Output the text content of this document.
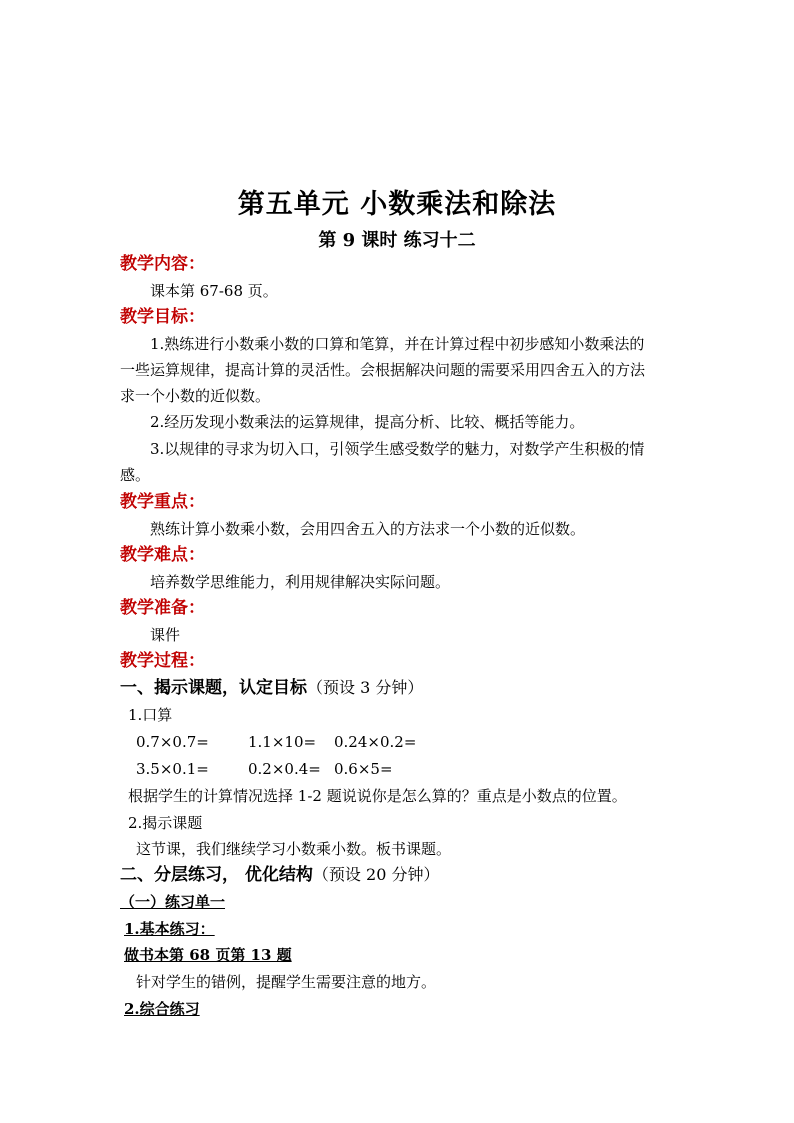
第五单元 小数乘法和除法
第 9 课时 练习十二
教学内容：
课本第 67-68 页。
教学目标：
1.熟练进行小数乘小数的口算和笔算，并在计算过程中初步感知小数乘法的
一些运算规律，提高计算的灵活性。会根据解决问题的需要采用四舍五入的方法
求一个小数的近似数。
2.经历发现小数乘法的运算规律，提高分析、比较、概括等能力。
3.以规律的寻求为切入口，引领学生感受数学的魅力，对数学产生积极的情
感。
教学重点：
熟练计算小数乘小数，会用四舍五入的方法求一个小数的近似数。
教学难点：
培养数学思维能力，利用规律解决实际问题。
教学准备：
课件
教学过程：
一、揭示课题，认定目标（预设 3 分钟）
1.口算
0.7×0.7=	1.1×10= 0.24×0.2=
3.5×0.1=	0.2×0.4= 0.6×5=
根据学生的计算情况选择 1-2 题说说你是怎么算的？重点是小数点的位置。
2.揭示课题
这节课，我们继续学习小数乘小数。板书课题。
二、分层练习， 优化结构（预设 20 分钟）
（一）练习单一
1.基本练习：
做书本第 68 页第 13 题
针对学生的错例，提醒学生需要注意的地方。
2.综合练习
